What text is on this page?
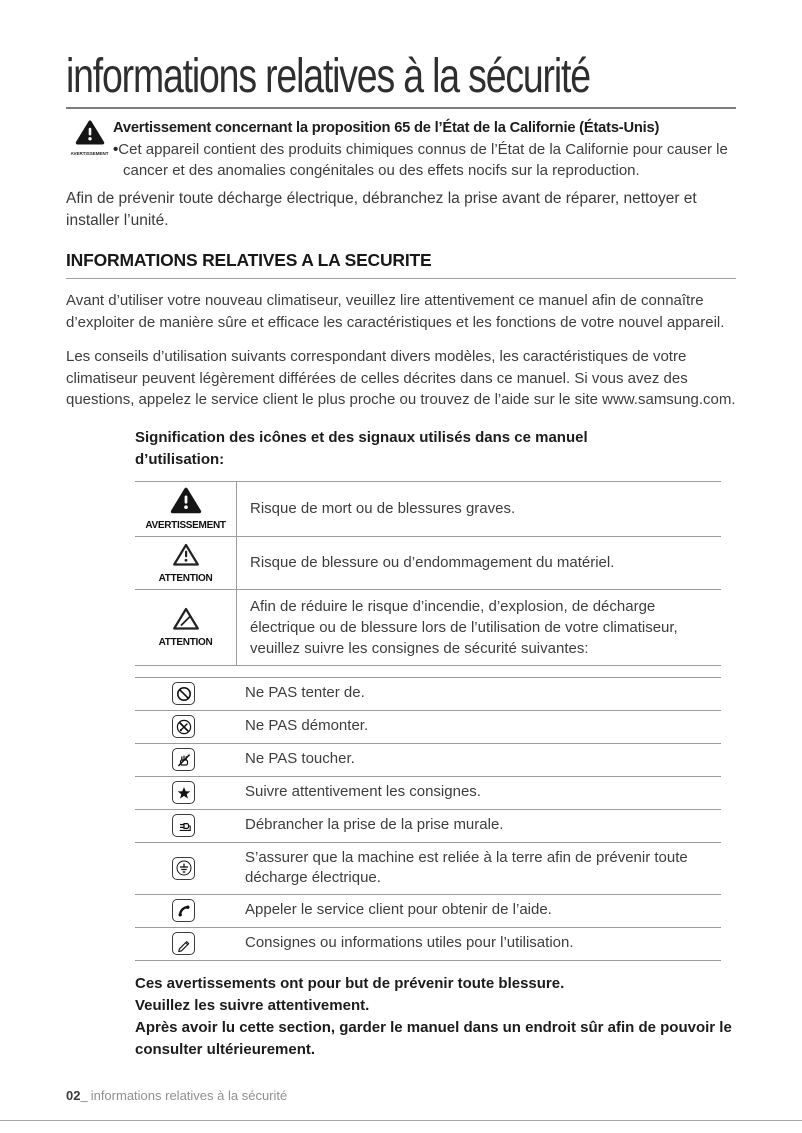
informations relatives à la sécurité
AVERTISSEMENT

Avertissement concernant la proposition 65 de l’État de la Californie (États-Unis)

•Cet appareil contient des produits chimiques connus de l’État de la Californie pour causer le cancer et des anomalies congénitales ou des effets nocifs sur la reproduction.

Afin de prévenir toute décharge électrique, débranchez la prise avant de réparer, nettoyer et installer l’unité.

INFORMATIONS RELATIVES A LA SECURITE

Avant d’utiliser votre nouveau climatiseur, veuillez lire attentivement ce manuel afin de connaître d’exploiter de manière sûre et efficace les caractéristiques et les fonctions de votre nouvel appareil.

Les conseils d’utilisation suivants correspondant divers modèles, les caractéristiques de votre climatiseur peuvent légèrement différées de celles décrites dans ce manuel. Si vous avez des questions, appelez le service client le plus proche ou trouvez de l’aide sur le site www.samsung.com.

Signification des icônes et des signaux utilisés dans ce manuel d’utilisation:

AVERTISSEMENT	Risque de mort ou de blessures graves.

ATTENTION	Risque de blessure ou d’endommagement du matériel.

ATTENTION	Afin de réduire le risque d’incendie, d’explosion, de décharge électrique ou de blessure lors de l’utilisation de votre climatiseur, veuillez suivre les consignes de sécurité suivantes:
	Ne PAS tenter de.

	Ne PAS démonter.

	Ne PAS toucher.

	Suivre attentivement les consignes.

	Débrancher la prise de la prise murale.

	S’assurer que la machine est reliée à la terre afin de prévenir toute décharge électrique.

	Appeler le service client pour obtenir de l’aide.

	Consignes ou informations utiles pour l’utilisation.

Ces avertissements ont pour but de prévenir toute blessure.

Veuillez les suivre attentivement.

Après avoir lu cette section, garder le manuel dans un endroit sûr afin de pouvoir le consulter ultérieurement.

02_ informations relatives à la sécurité
